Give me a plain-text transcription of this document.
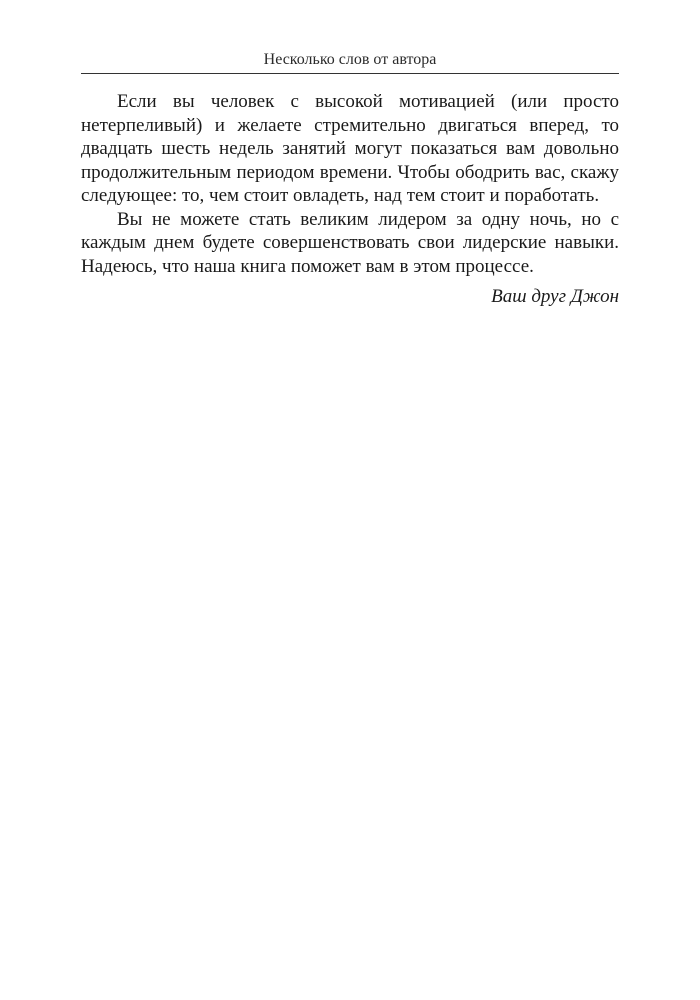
Несколько слов от автора

Если вы человек с высокой мотивацией (или просто нетерпеливый) и желаете стремительно двигаться вперед, то двадцать шесть недель занятий могут показаться вам довольно продолжительным периодом времени. Чтобы ободрить вас, скажу следующее: то, чем стоит овладеть, над тем стоит и поработать.

Вы не можете стать великим лидером за одну ночь, но с каждым днем будете совершенствовать свои лидерские навыки. Надеюсь, что наша книга поможет вам в этом процессе.

Ваш друг Джон
